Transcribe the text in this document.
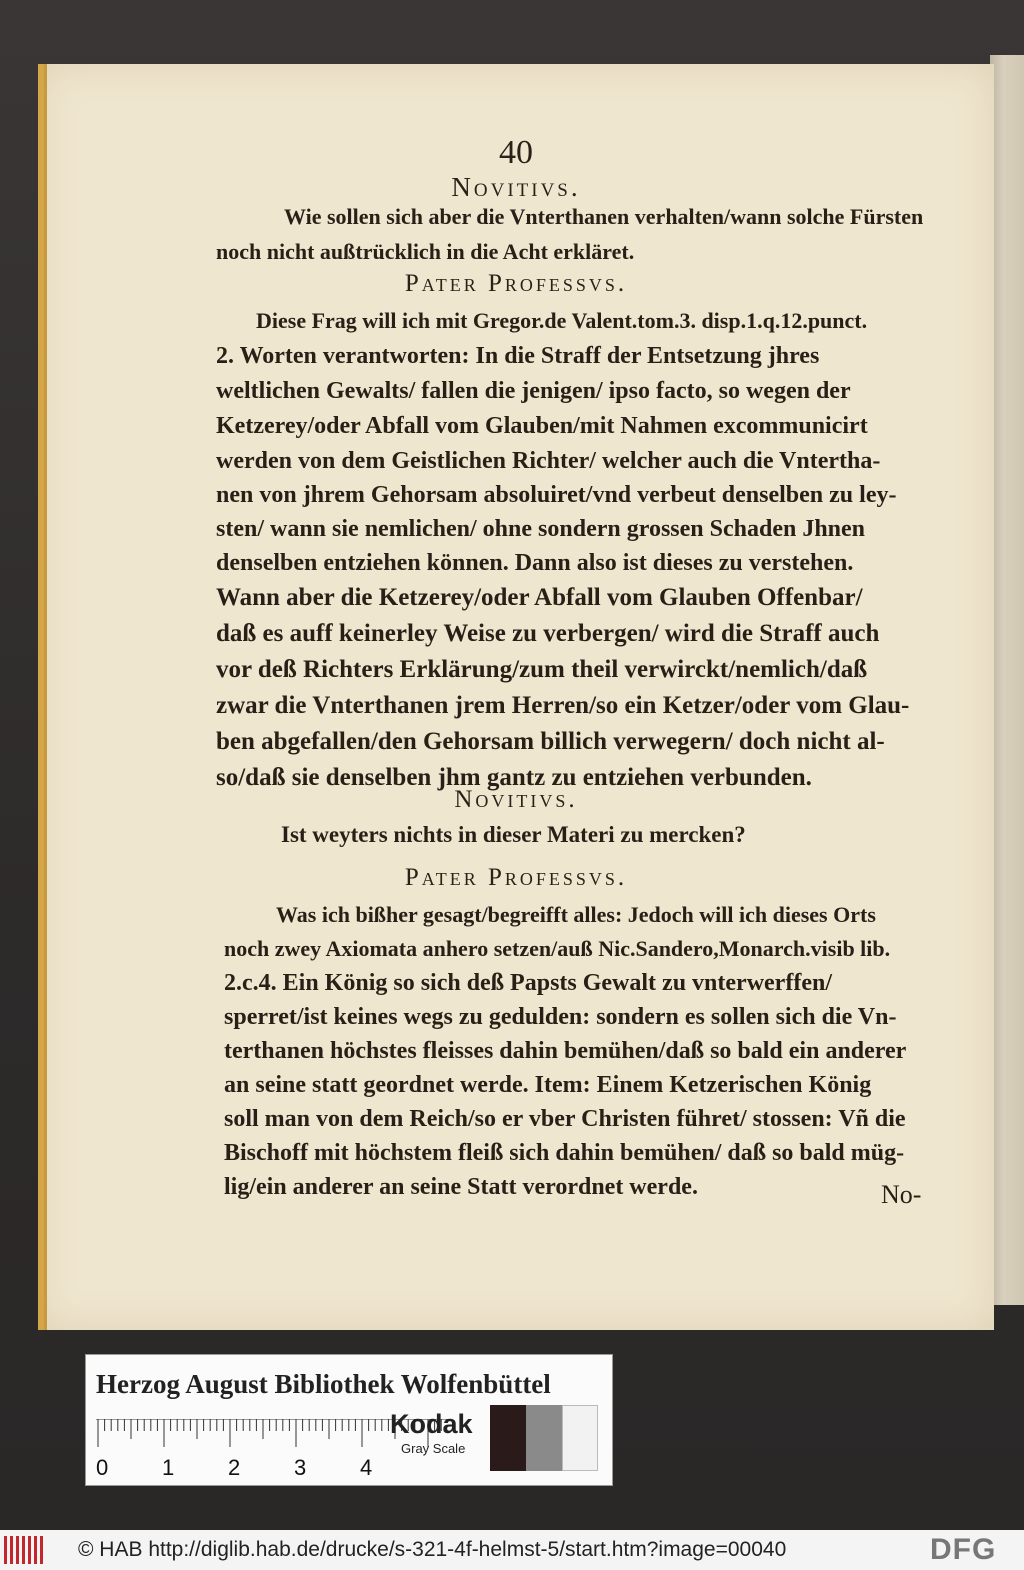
40
Novitivs.
Wie sollen sich aber die Vnterthanen verhalten/wann solche Fürsten
noch nicht außtrücklich in die Acht erkläret.
Pater Professvs.
Diese Frag will ich mit Gregor.de Valent.tom.3. disp.1.q.12.punct.
2. Worten verantworten: In die Straff der Entsetzung jhres
weltlichen Gewalts/ fallen die jenigen/ ipso facto, so wegen der
Ketzerey/oder Abfall vom Glauben/mit Nahmen excommunicirt
werden von dem Geistlichen Richter/ welcher auch die Vntertha-
nen von jhrem Gehorsam absoluiret/vnd verbeut denselben zu ley-
sten/ wann sie nemlichen/ ohne sondern grossen Schaden Jhnen
denselben entziehen können. Dann also ist dieses zu verstehen.
Wann aber die Ketzerey/oder Abfall vom Glauben Offenbar/
daß es auff keinerley Weise zu verbergen/ wird die Straff auch
vor deß Richters Erklärung/zum theil verwirckt/nemlich/daß
zwar die Vnterthanen jrem Herren/so ein Ketzer/oder vom Glau-
ben abgefallen/den Gehorsam billich verwegern/ doch nicht al-
so/daß sie denselben jhm gantz zu entziehen verbunden.
Novitivs.
Ist weyters nichts in dieser Materi zu mercken?
Pater Professvs.
Was ich bißher gesagt/begreifft alles: Jedoch will ich dieses Orts
noch zwey Axiomata anhero setzen/auß Nic.Sandero,Monarch.visib lib.
2.c.4. Ein König so sich deß Papsts Gewalt zu vnterwerffen/
sperret/ist keines wegs zu gedulden: sondern es sollen sich die Vn-
terthanen höchstes fleisses dahin bemühen/daß so bald ein anderer
an seine statt geordnet werde. Item: Einem Ketzerischen König
soll man von dem Reich/so er vber Christen führet/ stossen: Vñ die
Bischoff mit höchstem fleiß sich dahin bemühen/ daß so bald müg-
lig/ein anderer an seine Statt verordnet werde.	No-
Herzog August Bibliothek Wolfenbüttel
0 1 2 3 4
Kodak
Gray Scale
© HAB http://diglib.hab.de/drucke/s-321-4f-helmst-5/start.htm?image=00040	DFG
